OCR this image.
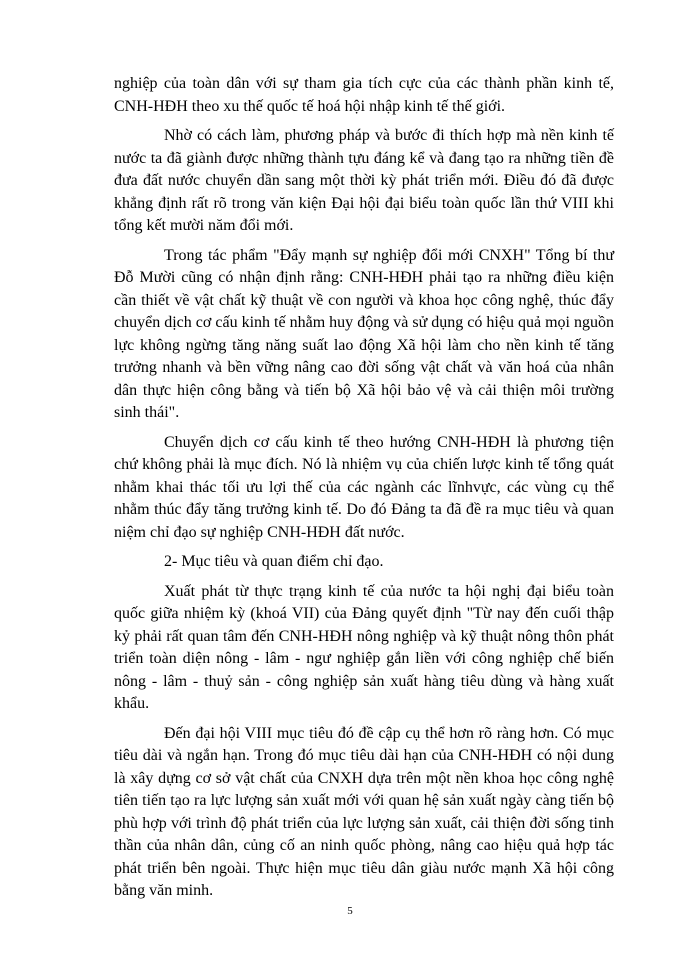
nghiệp của toàn dân với sự tham gia tích cực của các thành phần kinh tế, CNH-HĐH theo xu thế quốc tế hoá hội nhập kinh tế thế giới.

Nhờ có cách làm, phương pháp và bước đi thích hợp mà nền kinh tế nước ta đã giành được những thành tựu đáng kể và đang tạo ra những tiền đề đưa đất nước chuyển dần sang một thời kỳ phát triển mới. Điều đó đã được khẳng định rất rõ trong văn kiện Đại hội đại biểu toàn quốc lần thứ VIII khi tổng kết mười năm đổi mới.

Trong tác phẩm "Đẩy mạnh sự nghiệp đổi mới CNXH" Tổng bí thư Đỗ Mười cũng có nhận định rằng: CNH-HĐH phải tạo ra những điều kiện cần thiết về vật chất kỹ thuật về con người và khoa học công nghệ, thúc đẩy chuyển dịch cơ cấu kinh tế nhằm huy động và sử dụng có hiệu quả mọi nguồn lực không ngừng tăng năng suất lao động Xã hội làm cho nền kinh tế tăng trưởng nhanh và bền vững nâng cao đời sống vật chất và văn hoá của nhân dân thực hiện công bằng và tiến bộ Xã hội bảo vệ và cải thiện môi trường sinh thái".

Chuyển dịch cơ cấu kinh tế theo hướng CNH-HĐH là phương tiện chứ không phải là mục đích. Nó là nhiệm vụ của chiến lược kinh tế tổng quát nhằm khai thác tối ưu lợi thế của các ngành các lĩnhvực, các vùng cụ thể nhằm thúc đẩy tăng trưởng kinh tế. Do đó Đảng ta đã đề ra mục tiêu và quan niệm chỉ đạo sự nghiệp CNH-HĐH đất nước.

2- Mục tiêu và quan điểm chỉ đạo.

Xuất phát từ thực trạng kinh tế của nước ta hội nghị đại biểu toàn quốc giữa nhiệm kỳ (khoá VII) của Đảng quyết định "Từ nay đến cuối thập kỷ phải rất quan tâm đến CNH-HĐH nông nghiệp và kỹ thuật nông thôn phát triển toàn diện nông - lâm - ngư nghiệp gắn liền với công nghiệp chế biến nông - lâm - thuỷ sản - công nghiệp sản xuất hàng tiêu dùng và hàng xuất khẩu.

Đến đại hội VIII mục tiêu đó đề cập cụ thể hơn rõ ràng hơn. Có mục tiêu dài và ngắn hạn. Trong đó mục tiêu dài hạn của CNH-HĐH có nội dung là xây dựng cơ sở vật chất của CNXH dựa trên một nền khoa học công nghệ tiên tiến tạo ra lực lượng sản xuất mới với quan hệ sản xuất ngày càng tiến bộ phù hợp với trình độ phát triển của lực lượng sản xuất, cải thiện đời sống tinh thần của nhân dân, củng cố an ninh quốc phòng, nâng cao hiệu quả hợp tác phát triển bên ngoài. Thực hiện mục tiêu dân giàu nước mạnh Xã hội công bằng văn minh.

5
